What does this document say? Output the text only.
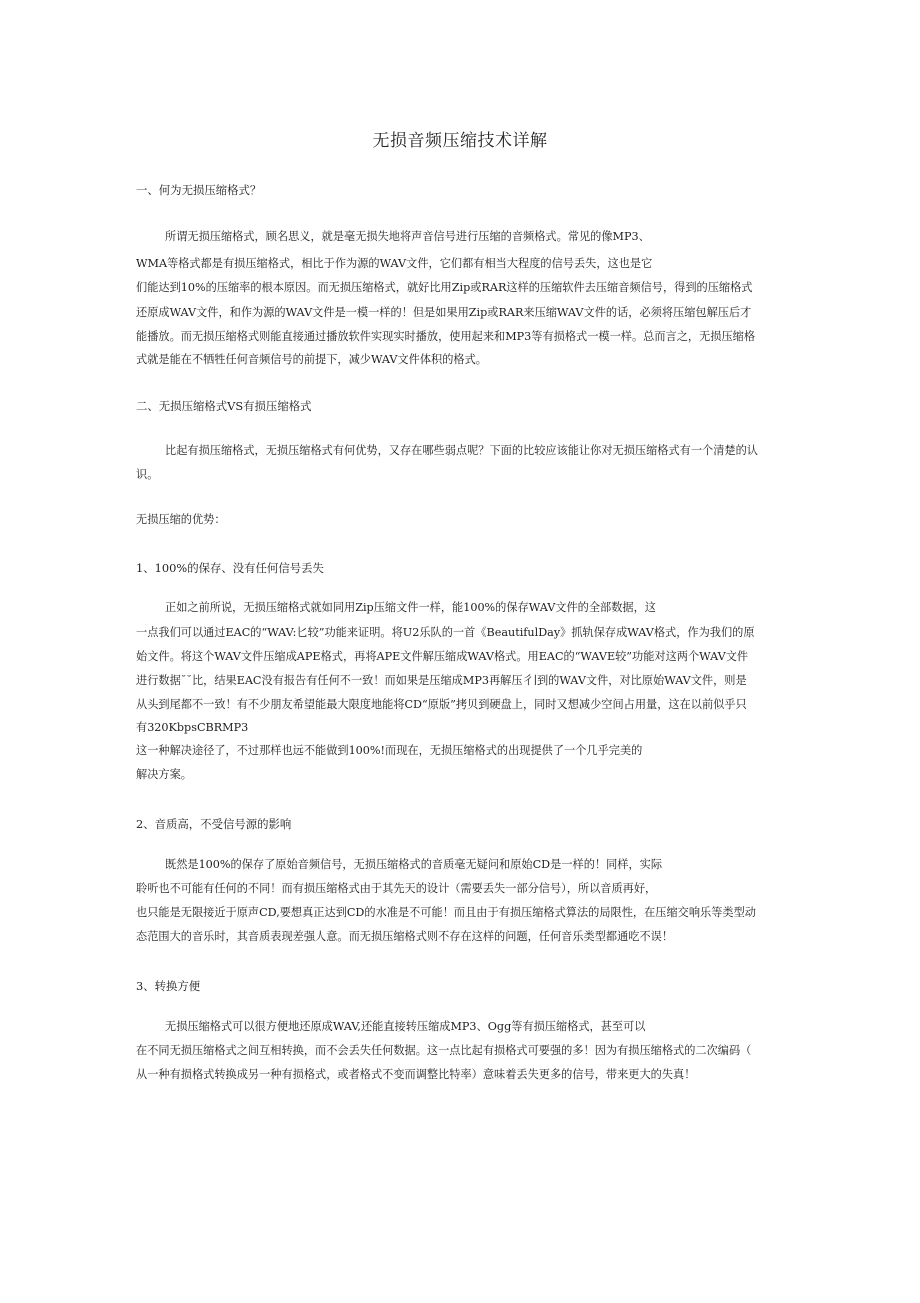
无损音频压缩技术详解
一、何为无损压缩格式？
所谓无损压缩格式，顾名思义，就是毫无损失地将声音信号进行压缩的音频格式。常见的像MP3、
WMA等格式都是有损压缩格式，相比于作为源的WAV文件，它们都有相当大程度的信号丢失，这也是它
们能达到10%的压缩率的根本原因。而无损压缩格式，就好比用Zip或RAR这样的压缩软件去压缩音频信号，得到的压缩格式
还原成WAV文件，和作为源的WAV文件是一模一样的！但是如果用Zip或RAR来压缩WAV文件的话，必须将压缩包解压后才
能播放。而无损压缩格式则能直接通过播放软件实现实时播放，使用起来和MP3等有损格式一模一样。总而言之，无损压缩格
式就是能在不牺牲任何音频信号的前提下，减少WAV文件体积的格式。
二、无损压缩格式VS有损压缩格式
比起有损压缩格式，无损压缩格式有何优势，又存在哪些弱点呢？下面的比较应该能让你对无损压缩格式有一个清楚的认
识。
无损压缩的优势：
1、100%的保存、没有任何信号丢失
正如之前所说，无损压缩格式就如同用Zip压缩文件一样，能100%的保存WAV文件的全部数据，这
一点我们可以通过EAC的“WAV:匕较”功能来证明。将U2乐队的一首《BeautifulDay》抓轨保存成WAV格式，作为我们的原
始文件。将这个WAV文件压缩成APE格式，再将APE文件解压缩成WAV格式。用EAC的“WAVE较”功能对这两个WAV文件
进行数据˘˘比，结果EAC没有报告有任何不一致！而如果是压缩成MP3再解压彳∣到的WAV文件，对比原始WAV文件，则是
从头到尾都不一致！有不少朋友希望能最大限度地能将CD“原版”拷贝到硬盘上，同时又想减少空间占用量，这在以前似乎只
有320KbpsCBRMP3
这一种解决途径了，不过那样也远不能做到100%!而现在，无损压缩格式的出现提供了一个几乎完美的
解决方案。
2、音质高，不受信号源的影响
既然是100%的保存了原始音频信号，无损压缩格式的音质毫无疑问和原始CD是一样的！同样，实际
聆听也不可能有任何的不同！而有损压缩格式由于其先天的设计（需要丢失一部分信号），所以音质再好，
也只能是无限接近于原声CD,要想真正达到CD的水准是不可能！而且由于有损压缩格式算法的局限性，在压缩交响乐等类型动
态范围大的音乐时，其音质表现差强人意。而无损压缩格式则不存在这样的问题，任何音乐类型都通吃不误！
3、转换方便
无损压缩格式可以很方便地还原成WAV,还能直接转压缩成MP3、Ogg等有损压缩格式，甚至可以
在不同无损压缩格式之间互相转换，而不会丢失任何数据。这一点比起有损格式可要强的多！因为有损压缩格式的二次编码（
从一种有损格式转换成另一种有损格式，或者格式不变而调整比特率）意味着丢失更多的信号，带来更大的失真！
